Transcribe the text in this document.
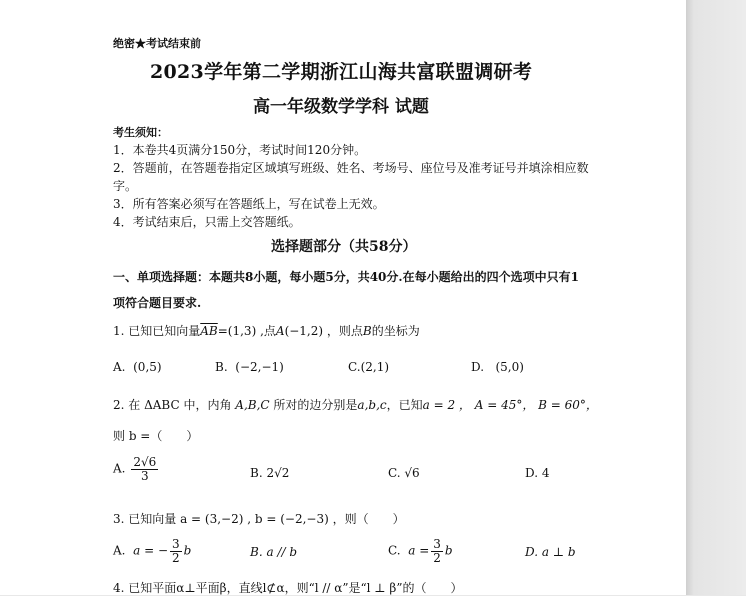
绝密★考试结束前
2023学年第二学期浙江山海共富联盟调研考
高一年级数学学科 试题
考生须知：
1．本卷共4页满分150分，考试时间120分钟。
2．答题前，在答题卷指定区域填写班级、姓名、考场号、座位号及准考证号并填涂相应数
字。
3．所有答案必须写在答题纸上，写在试卷上无效。
4．考试结束后，只需上交答题纸。
选择题部分（共58分）
一、单项选择题：本题共8小题，每小题5分，共40分.在每小题给出的四个选项中只有1
项符合题目要求.
1. 已知已知向量$\overline{AB}=(1,3)$ ,点A(−1,2) ，则点B的坐标为
A. (0,5)	B. (−2,−1)	C.(2,1)	D. (5,0)
2. 在 ΔABC 中，内角 A,B,C 所对的边分别是a,b,c，已知a = 2 ， A = 45°， B = 60°，
则 b =（　　）
A. $\frac{2√6}{3}$	B. 2√2	C. √6	D. 4
3. 已知向量 a = (3,−2) , b = (−2,−3) ，则（　　）
A. a = − $\frac{3}{2}$ b	B. a // b	C. $a = \frac{3}{2}$ b	D. a ⊥ b
4. 已知平面α⊥平面β，直线l⊄α，则“l // α”是“l ⊥ β”的（　　）
